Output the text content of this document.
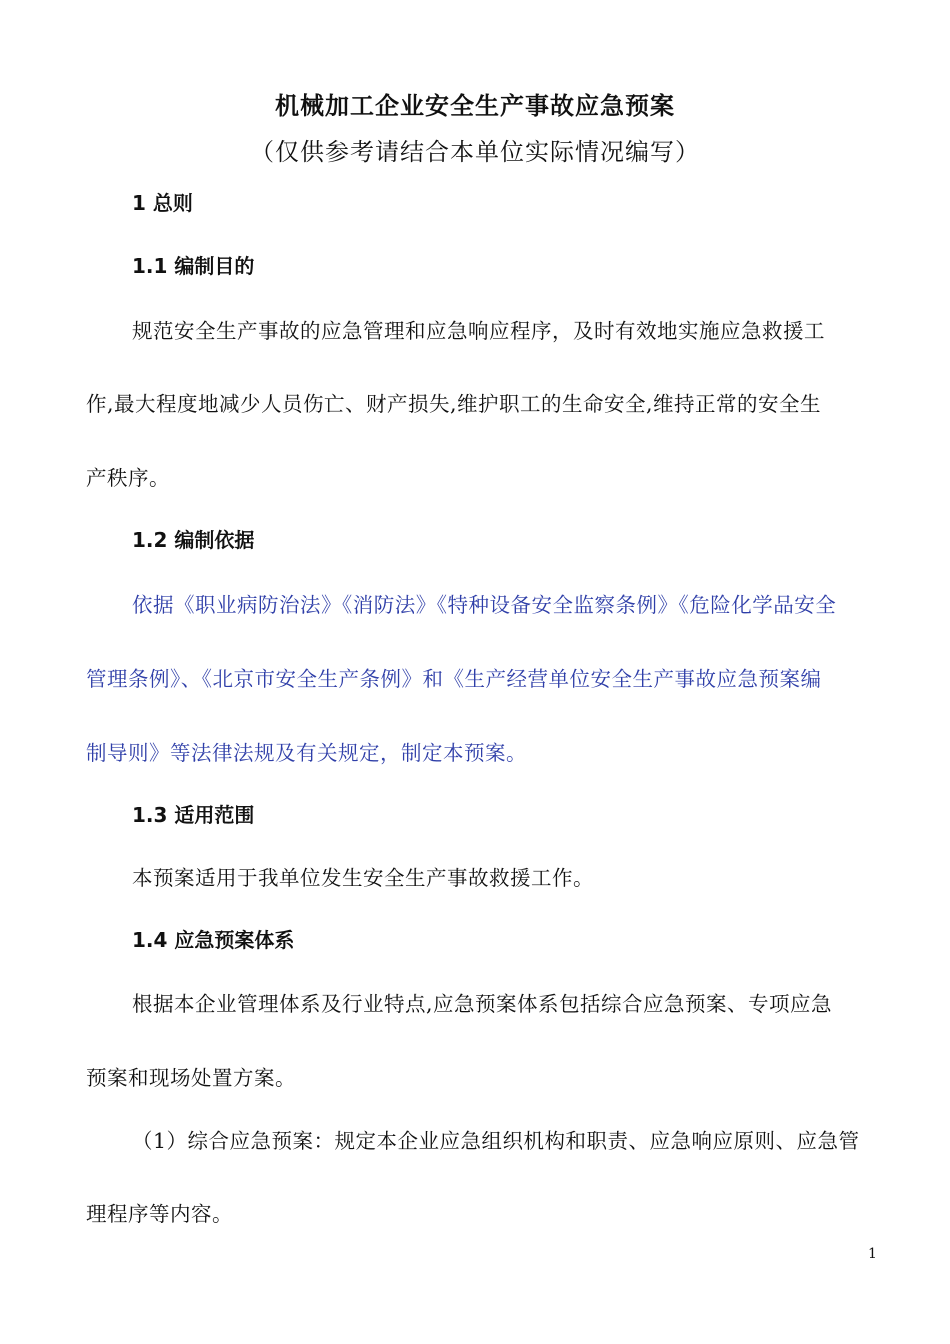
机械加工企业安全生产事故应急预案
（仅供参考请结合本单位实际情况编写）
1 总则
1.1 编制目的
规范安全生产事故的应急管理和应急响应程序，及时有效地实施应急救援工
作,最大程度地减少人员伤亡、财产损失,维护职工的生命安全,维持正常的安全生
产秩序。
1.2 编制依据
依据《职业病防治法》《消防法》《特种设备安全监察条例》《危险化学品安全
管理条例》、《北京市安全生产条例》和《生产经营单位安全生产事故应急预案编
制导则》等法律法规及有关规定，制定本预案。
1.3 适用范围
本预案适用于我单位发生安全生产事故救援工作。
1.4 应急预案体系
根据本企业管理体系及行业特点,应急预案体系包括综合应急预案、专项应急
预案和现场处置方案。
（1）综合应急预案：规定本企业应急组织机构和职责、应急响应原则、应急管
理程序等内容。
1
